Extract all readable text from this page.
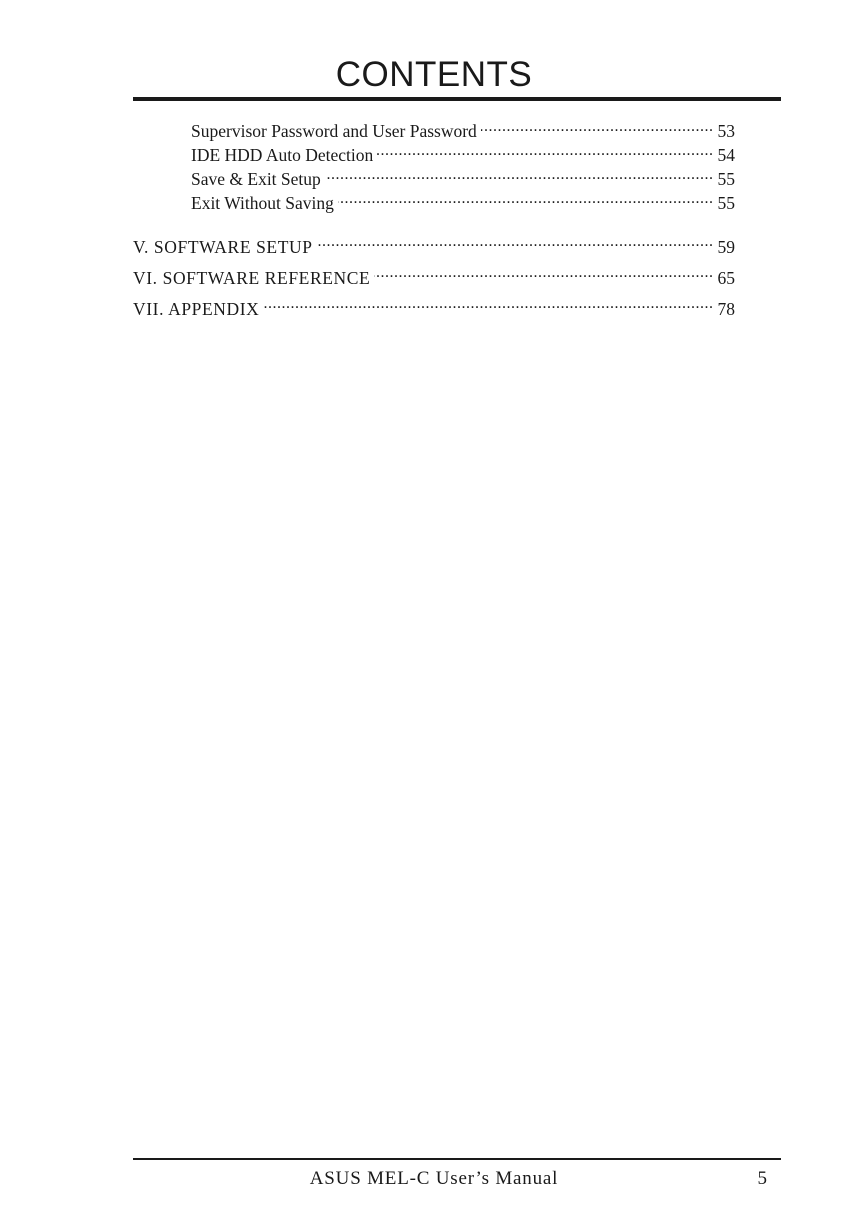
CONTENTS
Supervisor Password and User Password .....	53
IDE HDD Auto Detection .....	54
Save & Exit Setup .....	55
Exit Without Saving .....	55
V. SOFTWARE SETUP .....	59
VI. SOFTWARE REFERENCE .....	65
VII. APPENDIX .....	78
ASUS MEL-C User’s Manual	5
